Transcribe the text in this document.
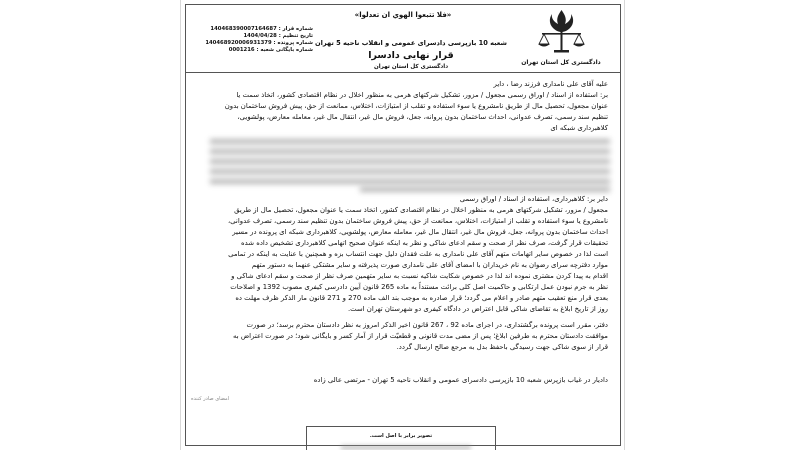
«فلا تتبعوا الهوي ان تعدلوا»
دادگستری کل استان تهران
شماره قرار : 140468390007164687
تاریخ تنظیم : 1404/04/28
شماره پرونده : 140468920006931379
شماره بایگانی شعبه : 0001216
شعبه 10 بازپرسی دادسرای عمومی و انقلاب ناحیه 5 تهران
قرار نهایی دادسرا
دادگستری کل استان تهران
علیه آقای علی نامداری فرزند رضا ، دایر
بر: استفاده از اسناد / اوراق رسمی مجعول / مزور، تشکیل شرکتهای هرمی به منظور اخلال در نظام اقتصادی کشور، اتخاذ سمت یا
عنوان مجعول، تحصیل مال از طریق نامشروع یا سوء استفاده و تقلب از امتیازات، اختلاس، ممانعت از حق، پیش فروش ساختمان بدون
تنظیم سند رسمی، تصرف عدوانی، احداث ساختمان بدون پروانه، جعل، فروش مال غیر، انتقال مال غیر، معامله معارض، پولشویی،
کلاهبرداری شبکه ای
دایر بر: کلاهبرداری، استفاده از اسناد / اوراق رسمی
مجعول / مزور، تشکیل شرکتهای هرمی به منظور اخلال در نظام اقتصادی کشور، اتخاذ سمت یا عنوان مجعول، تحصیل مال از طریق
نامشروع یا سوء استفاده و تقلب از امتیازات، اختلاس، ممانعت از حق، پیش فروش ساختمان بدون تنظیم سند رسمی، تصرف عدوانی،
احداث ساختمان بدون پروانه، جعل، فروش مال غیر، انتقال مال غیر، معامله معارض، پولشویی، کلاهبرداری شبکه ای پرونده در مسیر
تحقیقات قرار گرفت، صرف نظر از صحت و سقم ادعای شاکی و نظر به اینکه عنوان صحیح اتهامی کلاهبرداری تشخیص داده شده
است لذا در خصوص سایر اتهامات متهم آقای علی نامداری به علت فقدان دلیل جهت انتساب بزه و همچنین با عنایت به اینکه در تمامی
موارد دفترچه سرای رضوان به نام خریداران با امضای آقای علی نامداری صورت پذیرفته و سایر مشتکی عنهما به دستور متهم
اقدام به پیدا کردن مشتری نموده اند لذا در خصوص شکایت شاکیه نسبت به سایر متهمین صرف نظر از صحت و سقم ادعای شاکی و
نظر به جرم نبودن عمل ارتکابی و حاکمیت اصل کلی برائت مستنداً به ماده 265 قانون آیین دادرسی کیفری مصوب 1392 و اصلاحات
بعدی قرار منع تعقیب متهم صادر و اعلام می گردد؛ قرار صادره به موجب بند الف ماده 270 و 271 قانون مار الذکر ظرف مهلت ده
روز از تاریخ ابلاغ به تقاضای شاکی قابل اعتراض در دادگاه کیفری دو شهرستان تهران است.
دفتر، مقرر است پرونده برگشتداری، در اجرای ماده 92 ، 267 قانون اخیر الذکر امروز به نظر دادستان محترم برسد؛ در صورت
موافقت دادستان محترم به طرفین ابلاغ؛ پس از مضی مدت قانونی و قطعیّت قرار از آمار کسر و بایگانی شود؛ در صورت اعتراض به
قرار از سوی شاکی جهت رسیدگی باحفظ بدل به مرجع صالح ارسال گردد.
دادیار در غیاب بازپرس شعبه 10 بازپرسی دادسرای عمومی و انقلاب ناحیه 5 تهران - مرتضی عالی زاده
امضای صادر کننده
تصویر برابر با اصل است.
